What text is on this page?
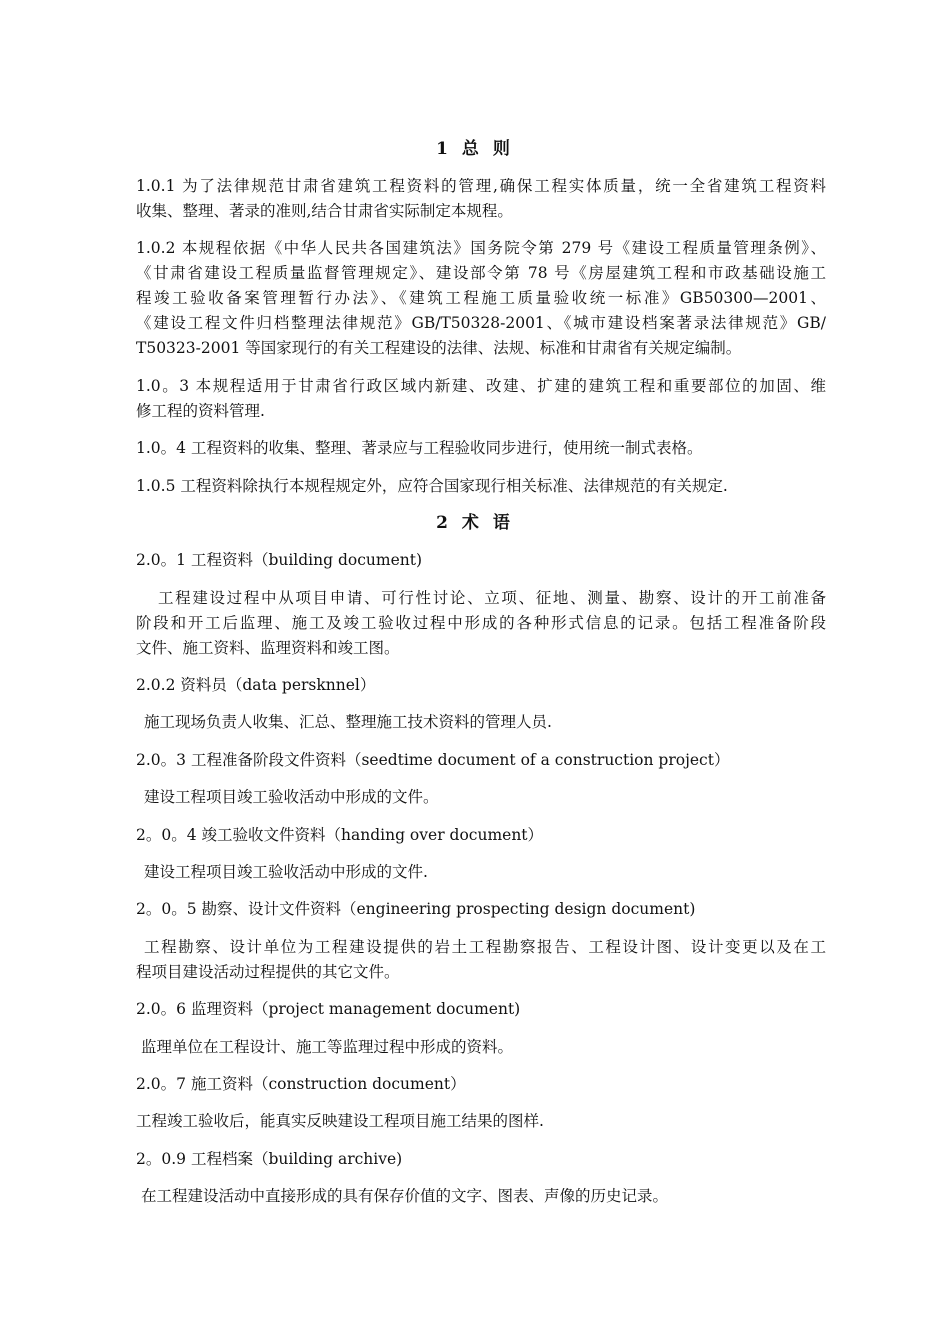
1 总 则
1.0.1 为了法律规范甘肃省建筑工程资料的管理,确保工程实体质量，统一全省建筑工程资料
收集、整理、著录的准则,结合甘肃省实际制定本规程。
1.0.2 本规程依据《中华人民共各国建筑法》国务院令第 279 号《建设工程质量管理条例》、
《甘肃省建设工程质量监督管理规定》、建设部令第 78 号《房屋建筑工程和市政基础设施工
程竣工验收备案管理暂行办法》、《建筑工程施工质量验收统一标准》GB50300—2001、
《建设工程文件归档整理法律规范》GB/T50328-2001、《城市建设档案著录法律规范》GB/
T50323-2001 等国家现行的有关工程建设的法律、法规、标准和甘肃省有关规定编制。
1.0。3 本规程适用于甘肃省行政区域内新建、改建、扩建的建筑工程和重要部位的加固、维
修工程的资料管理.
1.0。4 工程资料的收集、整理、著录应与工程验收同步进行，使用统一制式表格。
1.0.5 工程资料除执行本规程规定外，应符合国家现行相关标准、法律规范的有关规定.
2 术 语
2.0。1 工程资料（building document)
工程建设过程中从项目申请、可行性讨论、立项、征地、测量、勘察、设计的开工前准备
阶段和开工后监理、施工及竣工验收过程中形成的各种形式信息的记录。包括工程准备阶段
文件、施工资料、监理资料和竣工图。
2.0.2 资料员（data persknnel）
施工现场负责人收集、汇总、整理施工技术资料的管理人员.
2.0。3 工程准备阶段文件资料（seedtime document of a construction project）
建设工程项目竣工验收活动中形成的文件。
2。0。4 竣工验收文件资料（handing over document）
建设工程项目竣工验收活动中形成的文件.
2。0。5 勘察、设计文件资料（engineering prospecting design document)
工程勘察、设计单位为工程建设提供的岩土工程勘察报告、工程设计图、设计变更以及在工
程项目建设活动过程提供的其它文件。
2.0。6 监理资料（project management document)
监理单位在工程设计、施工等监理过程中形成的资料。
2.0。7 施工资料（construction document）
工程竣工验收后，能真实反映建设工程项目施工结果的图样.
2。0.9 工程档案（building archive)
在工程建设活动中直接形成的具有保存价值的文字、图表、声像的历史记录。
